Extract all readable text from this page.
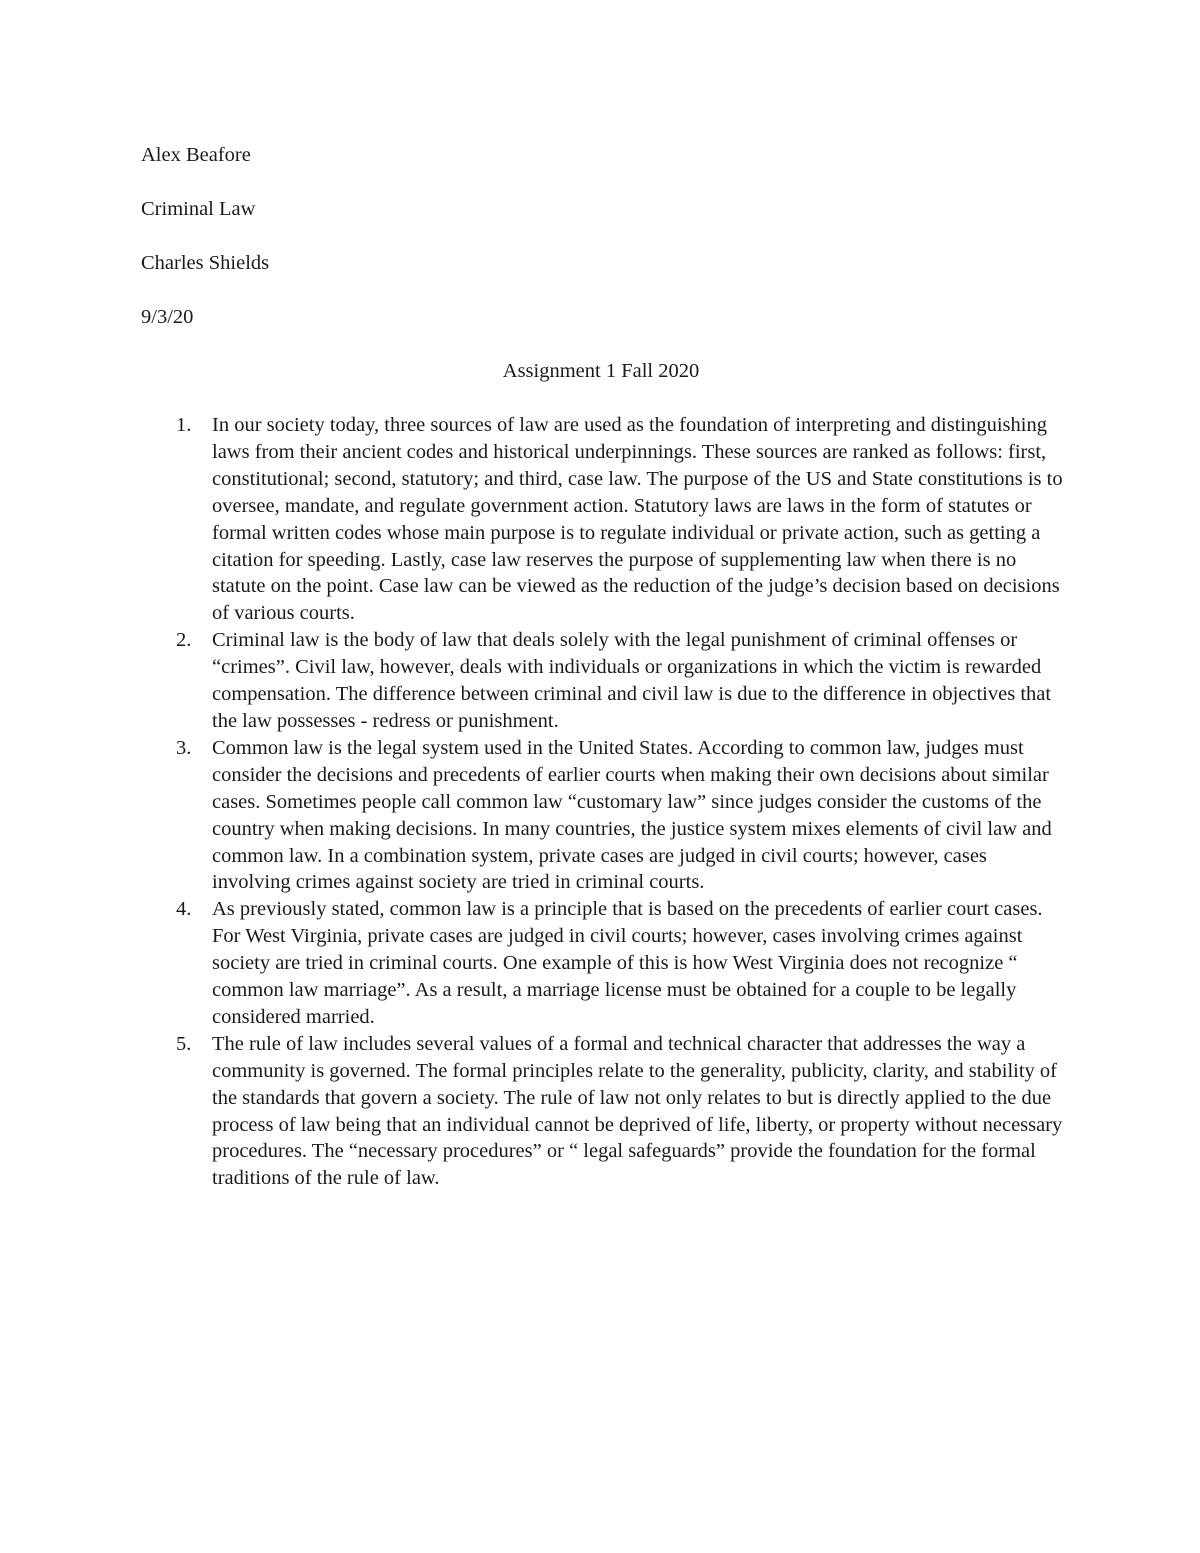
Alex Beafore
Criminal Law
Charles Shields
9/3/20
Assignment 1 Fall 2020
1. In our society today, three sources of law are used as the foundation of interpreting and distinguishing laws from their ancient codes and historical underpinnings. These sources are ranked as follows: first, constitutional; second, statutory; and third, case law. The purpose of the US and State constitutions is to oversee, mandate, and regulate government action. Statutory laws are laws in the form of statutes or formal written codes whose main purpose is to regulate individual or private action, such as getting a citation for speeding. Lastly, case law reserves the purpose of supplementing law when there is no statute on the point. Case law can be viewed as the reduction of the judge’s decision based on decisions of various courts.
2. Criminal law is the body of law that deals solely with the legal punishment of criminal offenses or “crimes”. Civil law, however, deals with individuals or organizations in which the victim is rewarded compensation. The difference between criminal and civil law is due to the difference in objectives that the law possesses - redress or punishment.
3. Common law is the legal system used in the United States. According to common law, judges must consider the decisions and precedents of earlier courts when making their own decisions about similar cases. Sometimes people call common law “customary law” since judges consider the customs of the country when making decisions. In many countries, the justice system mixes elements of civil law and common law. In a combination system, private cases are judged in civil courts; however, cases involving crimes against society are tried in criminal courts.
4. As previously stated, common law is a principle that is based on the precedents of earlier court cases. For West Virginia, private cases are judged in civil courts; however, cases involving crimes against society are tried in criminal courts. One example of this is how West Virginia does not recognize “ common law marriage”. As a result, a marriage license must be obtained for a couple to be legally considered married.
5. The rule of law includes several values of a formal and technical character that addresses the way a community is governed. The formal principles relate to the generality, publicity, clarity, and stability of the standards that govern a society. The rule of law not only relates to but is directly applied to the due process of law being that an individual cannot be deprived of life, liberty, or property without necessary procedures. The “necessary procedures” or “ legal safeguards” provide the foundation for the formal traditions of the rule of law.
